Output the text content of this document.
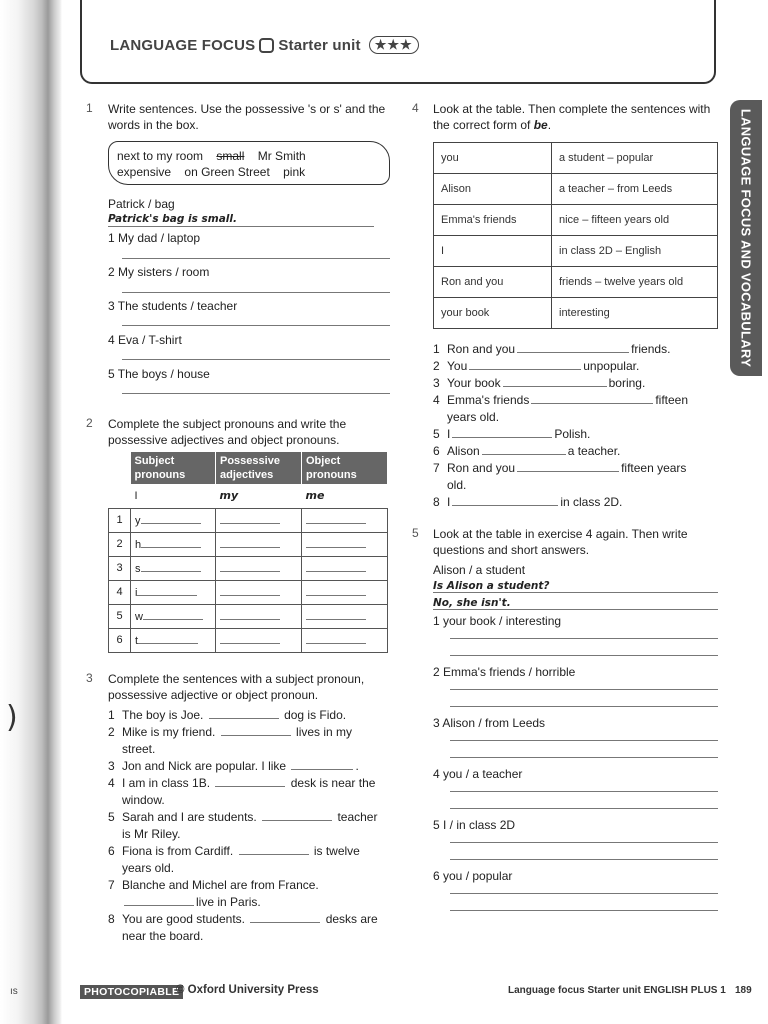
)
ıs
LANGUAGE FOCUS Starter unit	★★★
LANGUAGE FOCUS AND VOCABULARY
1 Write sentences. Use the possessive 's or s' and the words in the box.
next to my room small Mr Smith
expensive on Green Street pink
Patrick / bag
Patrick's bag is small.
1 My dad / laptop
2 My sisters / room
3 The students / teacher
4 Eva / T-shirt
5 The boys / house
2 Complete the subject pronouns and write the possessive adjectives and object pronouns.
	Subject pronouns	Possessive adjectives	Object pronouns
	I	my	me
1	y		
2	h		
3	s		
4	i		
5	w		
6	t		
3 Complete the sentences with a subject pronoun, possessive adjective or object pronoun.
1 The boy is Joe.	dog is Fido.
2 Mike is my friend.	lives in my
street.
3 Jon and Nick are popular. I like	.
4 I am in class 1B.	desk is near the
window.
5 Sarah and I are students.	teacher
is Mr Riley.
6 Fiona is from Cardiff.	is twelve
years old.
7 Blanche and Michel are from France.
live in Paris.
8 You are good students.	desks are
near the board.
4 Look at the table. Then complete the sentences with the correct form of be.
you	a student – popular
Alison	a teacher – from Leeds
Emma's friends	nice – fifteen years old
I	in class 2D – English
Ron and you	friends – twelve years old
your book	interesting
1 Ron and you	friends.
2 You	unpopular.
3 Your book	boring.
4 Emma's friends	fifteen
years old.
5 I	Polish.
6 Alison	a teacher.
7 Ron and you	fifteen years
old.
8 I	in class 2D.
5 Look at the table in exercise 4 again. Then write questions and short answers.
Alison / a student
Is Alison a student?
No, she isn't.
1 your book / interesting
2 Emma's friends / horrible
3 Alison / from Leeds
4 you / a teacher
5 I / in class 2D
6 you / popular
PHOTOCOPIABLE
© Oxford University Press	Language focus Starter unit ENGLISH PLUS 1 189
